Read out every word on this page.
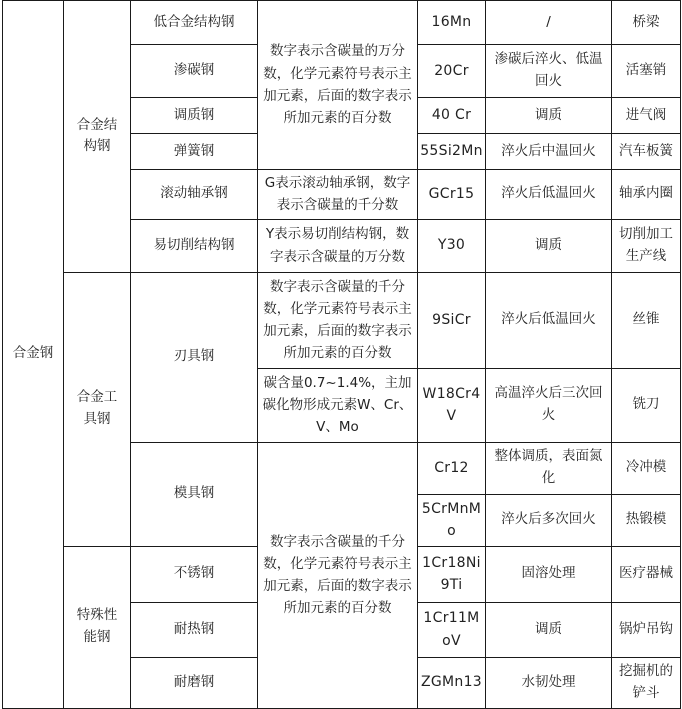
合金钢	合金结构钢	低合金结构钢	数字表示含碳量的万分数，化学元素符号表示主加元素，后面的数字表示所加元素的百分数	16Mn	/	桥梁
		渗碳钢		20Cr	渗碳后淬火、低温回火	活塞销
		调质钢		40 Cr	调质	进气阀
		弹簧钢		55Si2Mn	淬火后中温回火	汽车板簧
		滚动轴承钢	G表示滚动轴承钢，数字表示含碳量的千分数	GCr15	淬火后低温回火	轴承内圈
		易切削结构钢	Y表示易切削结构钢，数字表示含碳量的万分数	Y30	调质	切削加工生产线
	合金工具钢	刃具钢	数字表示含碳量的千分数，化学元素符号表示主加元素，后面的数字表示所加元素的百分数	9SiCr	淬火后低温回火	丝锥
			碳含量0.7~1.4%，主加碳化物形成元素W、Cr、V、Mo	W18Cr4V	高温淬火后三次回火	铣刀
		模具钢	数字表示含碳量的千分数，化学元素符号表示主加元素，后面的数字表示所加元素的百分数	Cr12	整体调质，表面氮化	冷冲模
				5CrMnMo	淬火后多次回火	热锻模
	特殊性能钢	不锈钢		1Cr18Ni9Ti	固溶处理	医疗器械
		耐热钢		1Cr11MoV	调质	锅炉吊钩
		耐磨钢		ZGMn13	水韧处理	挖掘机的铲斗
